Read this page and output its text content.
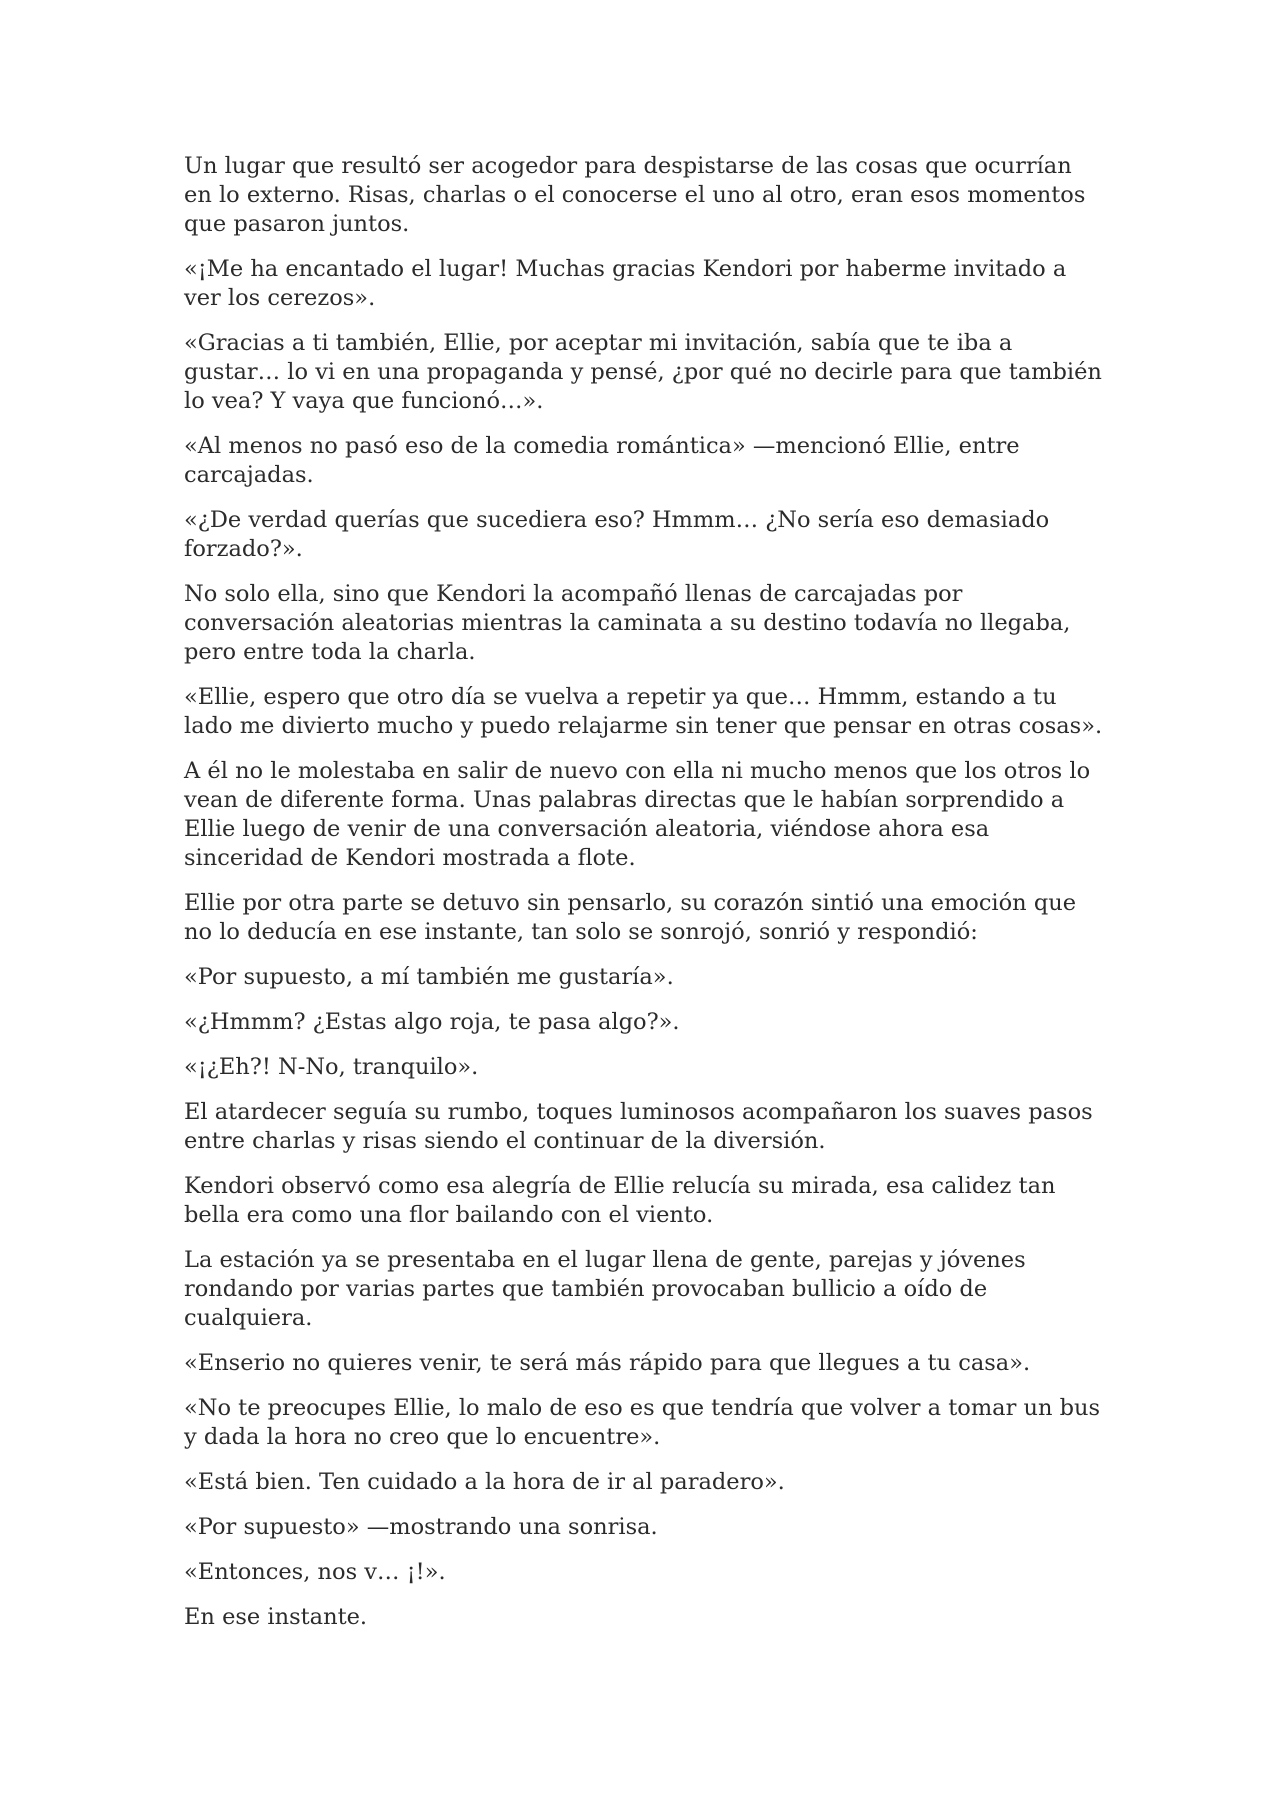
Un lugar que resultó ser acogedor para despistarse de las cosas que ocurrían en lo externo. Risas, charlas o el conocerse el uno al otro, eran esos momentos que pasaron juntos.

«¡Me ha encantado el lugar! Muchas gracias Kendori por haberme invitado a ver los cerezos».

«Gracias a ti también, Ellie, por aceptar mi invitación, sabía que te iba a gustar… lo vi en una propaganda y pensé, ¿por qué no decirle para que también lo vea? Y vaya que funcionó…».

«Al menos no pasó eso de la comedia romántica» —mencionó Ellie, entre carcajadas.

«¿De verdad querías que sucediera eso? Hmmm… ¿No sería eso demasiado forzado?».

No solo ella, sino que Kendori la acompañó llenas de carcajadas por conversación aleatorias mientras la caminata a su destino todavía no llegaba, pero entre toda la charla.

«Ellie, espero que otro día se vuelva a repetir ya que… Hmmm, estando a tu lado me divierto mucho y puedo relajarme sin tener que pensar en otras cosas».

A él no le molestaba en salir de nuevo con ella ni mucho menos que los otros lo vean de diferente forma. Unas palabras directas que le habían sorprendido a Ellie luego de venir de una conversación aleatoria, viéndose ahora esa sinceridad de Kendori mostrada a flote.

Ellie por otra parte se detuvo sin pensarlo, su corazón sintió una emoción que no lo deducía en ese instante, tan solo se sonrojó, sonrió y respondió:

«Por supuesto, a mí también me gustaría».

«¿Hmmm? ¿Estas algo roja, te pasa algo?».

«¡¿Eh?! N-No, tranquilo».

El atardecer seguía su rumbo, toques luminosos acompañaron los suaves pasos entre charlas y risas siendo el continuar de la diversión.

Kendori observó como esa alegría de Ellie relucía su mirada, esa calidez tan bella era como una flor bailando con el viento.

La estación ya se presentaba en el lugar llena de gente, parejas y jóvenes rondando por varias partes que también provocaban bullicio a oído de cualquiera.

«Enserio no quieres venir, te será más rápido para que llegues a tu casa».

«No te preocupes Ellie, lo malo de eso es que tendría que volver a tomar un bus y dada la hora no creo que lo encuentre».

«Está bien. Ten cuidado a la hora de ir al paradero».

«Por supuesto» —mostrando una sonrisa.

«Entonces, nos v… ¡!».

En ese instante.
